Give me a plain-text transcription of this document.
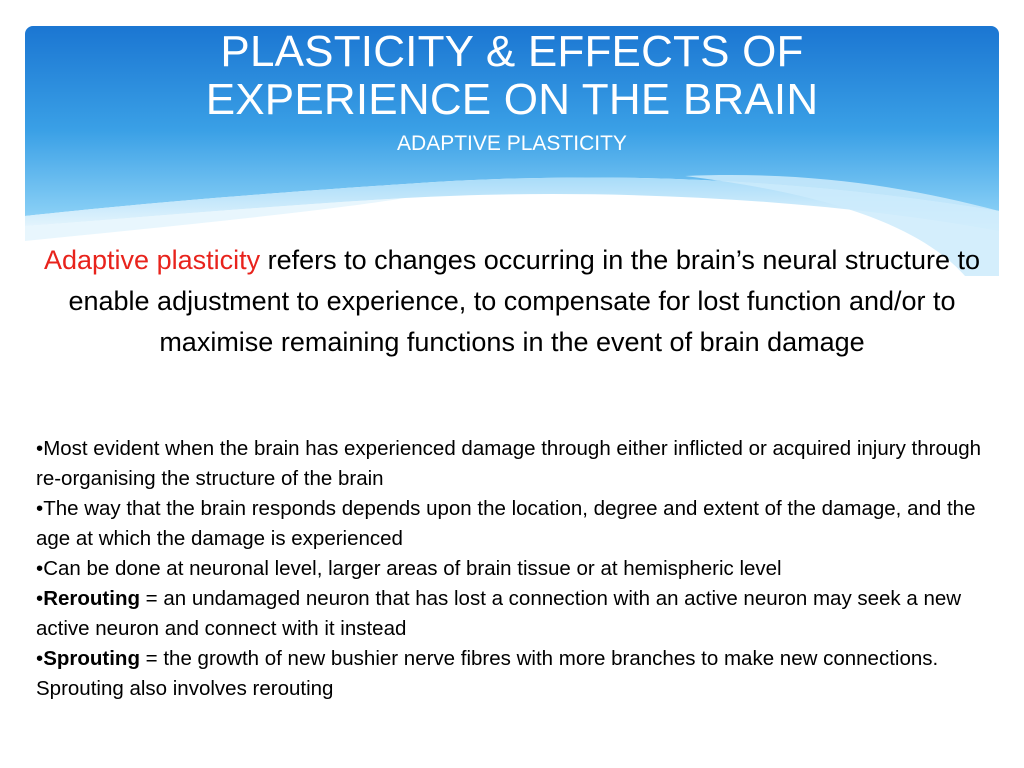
PLASTICITY & EFFECTS OF
EXPERIENCE ON THE BRAIN

ADAPTIVE PLASTICITY

Adaptive plasticity refers to changes occurring in the brain’s neural structure to enable adjustment to experience, to compensate for lost function and/or to maximise remaining functions in the event of brain damage

•Most evident when the brain has experienced damage through either inflicted or acquired injury through re-organising the structure of the brain
•The way that the brain responds depends upon the location, degree and extent of the damage, and the age at which the damage is experienced
•Can be done at neuronal level, larger areas of brain tissue or at hemispheric level
•Rerouting = an undamaged neuron that has lost a connection with an active neuron may seek a new active neuron and connect with it instead
•Sprouting = the growth of new bushier nerve fibres with more branches to make new connections. Sprouting also involves rerouting
